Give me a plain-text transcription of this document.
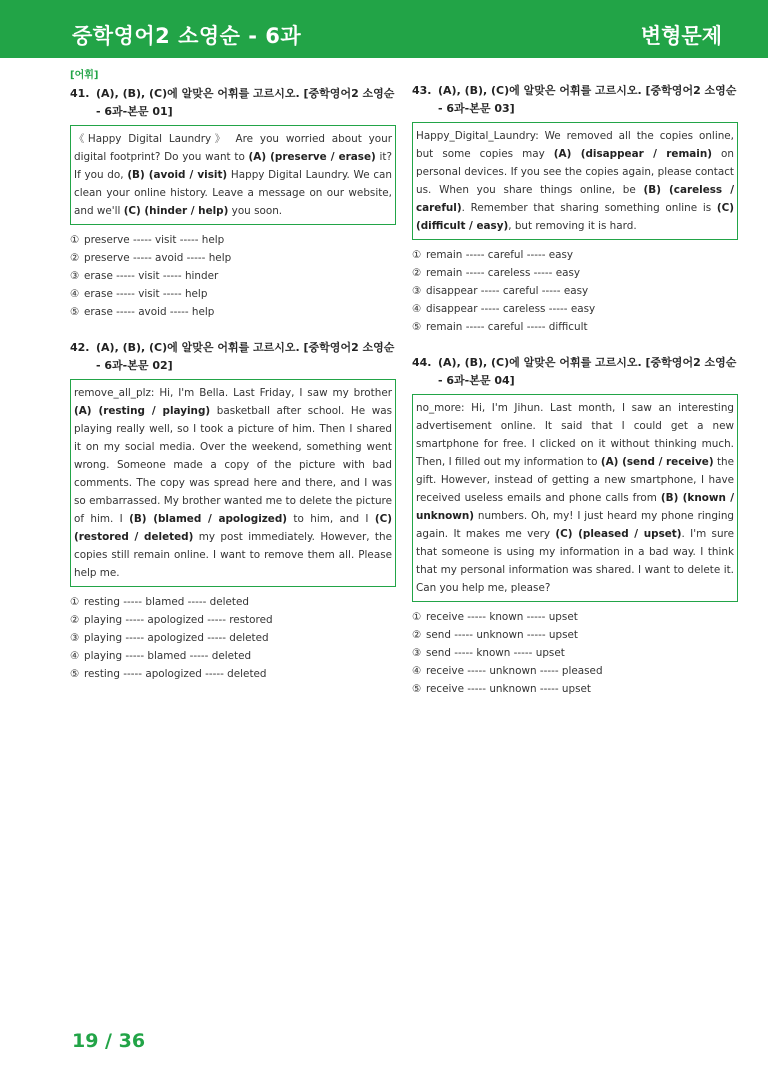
중학영어2 소영순 - 6과	변형문제
[어휘]
41. (A), (B), (C)에 알맞은 어휘를 고르시오. [중학영어2 소영순 - 6과-본문 01]
《Happy Digital Laundry》 Are you worried about your digital footprint? Do you want to (A) (preserve / erase) it? If you do, (B) (avoid / visit) Happy Digital Laundry. We can clean your online history. Leave a message on our website, and we'll (C) (hinder / help) you soon.
① preserve ----- visit ----- help
② preserve ----- avoid ----- help
③ erase ----- visit ----- hinder
④ erase ----- visit ----- help
⑤ erase ----- avoid ----- help
42. (A), (B), (C)에 알맞은 어휘를 고르시오. [중학영어2 소영순 - 6과-본문 02]
remove_all_plz: Hi, I'm Bella. Last Friday, I saw my brother (A) (resting / playing) basketball after school. He was playing really well, so I took a picture of him. Then I shared it on my social media. Over the weekend, something went wrong. Someone made a copy of the picture with bad comments. The copy was spread here and there, and I was so embarrassed. My brother wanted me to delete the picture of him. I (B) (blamed / apologized) to him, and I (C) (restored / deleted) my post immediately. However, the copies still remain online. I want to remove them all. Please help me.
① resting ----- blamed ----- deleted
② playing ----- apologized ----- restored
③ playing ----- apologized ----- deleted
④ playing ----- blamed ----- deleted
⑤ resting ----- apologized ----- deleted
43. (A), (B), (C)에 알맞은 어휘를 고르시오. [중학영어2 소영순 - 6과-본문 03]
Happy_Digital_Laundry: We removed all the copies online, but some copies may (A) (disappear / remain) on personal devices. If you see the copies again, please contact us. When you share things online, be (B) (careless / careful). Remember that sharing something online is (C) (difficult / easy), but removing it is hard.
① remain ----- careful ----- easy
② remain ----- careless ----- easy
③ disappear ----- careful ----- easy
④ disappear ----- careless ----- easy
⑤ remain ----- careful ----- difficult
44. (A), (B), (C)에 알맞은 어휘를 고르시오. [중학영어2 소영순 - 6과-본문 04]
no_more: Hi, I'm Jihun. Last month, I saw an interesting advertisement online. It said that I could get a new smartphone for free. I clicked on it without thinking much. Then, I filled out my information to (A) (send / receive) the gift. However, instead of getting a new smartphone, I have received useless emails and phone calls from (B) (known / unknown) numbers. Oh, my! I just heard my phone ringing again. It makes me very (C) (pleased / upset). I'm sure that someone is using my information in a bad way. I think that my personal information was shared. I want to delete it. Can you help me, please?
① receive ----- known ----- upset
② send ----- unknown ----- upset
③ send ----- known ----- upset
④ receive ----- unknown ----- pleased
⑤ receive ----- unknown ----- upset
19 / 36
